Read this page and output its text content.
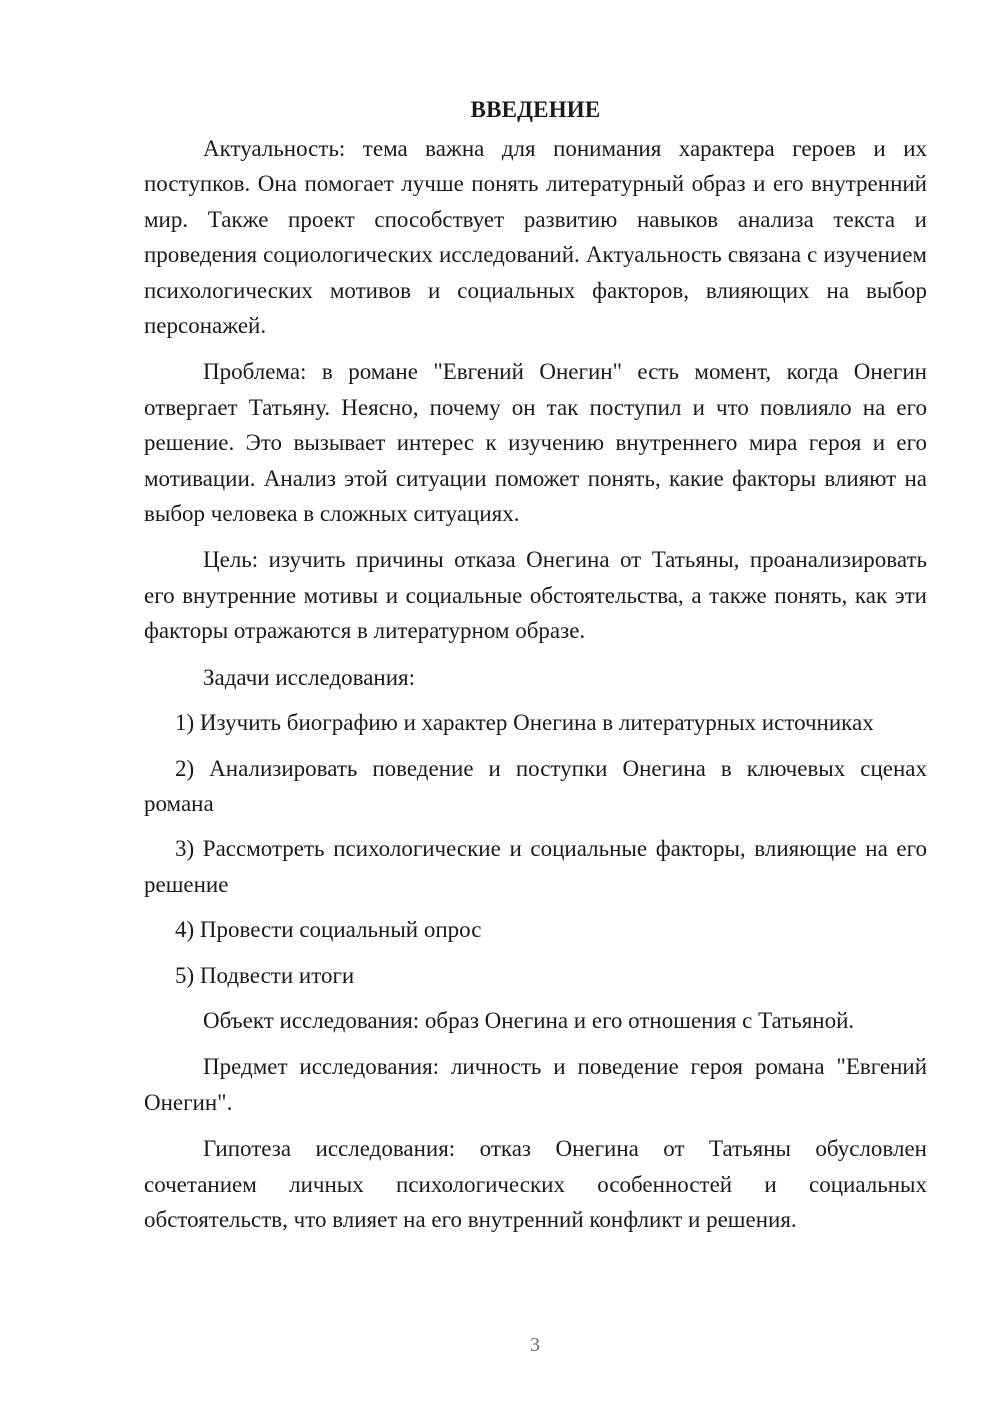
ВВЕДЕНИЕ

Актуальность: тема важна для понимания характера героев и их поступков. Она помогает лучше понять литературный образ и его внутренний мир. Также проект способствует развитию навыков анализа текста и проведения социологических исследований. Актуальность связана с изучением психологических мотивов и социальных факторов, влияющих на выбор персонажей.

Проблема: в романе "Евгений Онегин" есть момент, когда Онегин отвергает Татьяну. Неясно, почему он так поступил и что повлияло на его решение. Это вызывает интерес к изучению внутреннего мира героя и его мотивации. Анализ этой ситуации поможет понять, какие факторы влияют на выбор человека в сложных ситуациях.

Цель: изучить причины отказа Онегина от Татьяны, проанализировать его внутренние мотивы и социальные обстоятельства, а также понять, как эти факторы отражаются в литературном образе.

Задачи исследования:

1) Изучить биографию и характер Онегина в литературных источниках

2) Анализировать поведение и поступки Онегина в ключевых сценах романа

3) Рассмотреть психологические и социальные факторы, влияющие на его решение

4) Провести социальный опрос

5) Подвести итоги

Объект исследования: образ Онегина и его отношения с Татьяной.

Предмет исследования: личность и поведение героя романа "Евгений Онегин".

Гипотеза исследования: отказ Онегина от Татьяны обусловлен сочетанием личных психологических особенностей и социальных обстоятельств, что влияет на его внутренний конфликт и решения.

3
